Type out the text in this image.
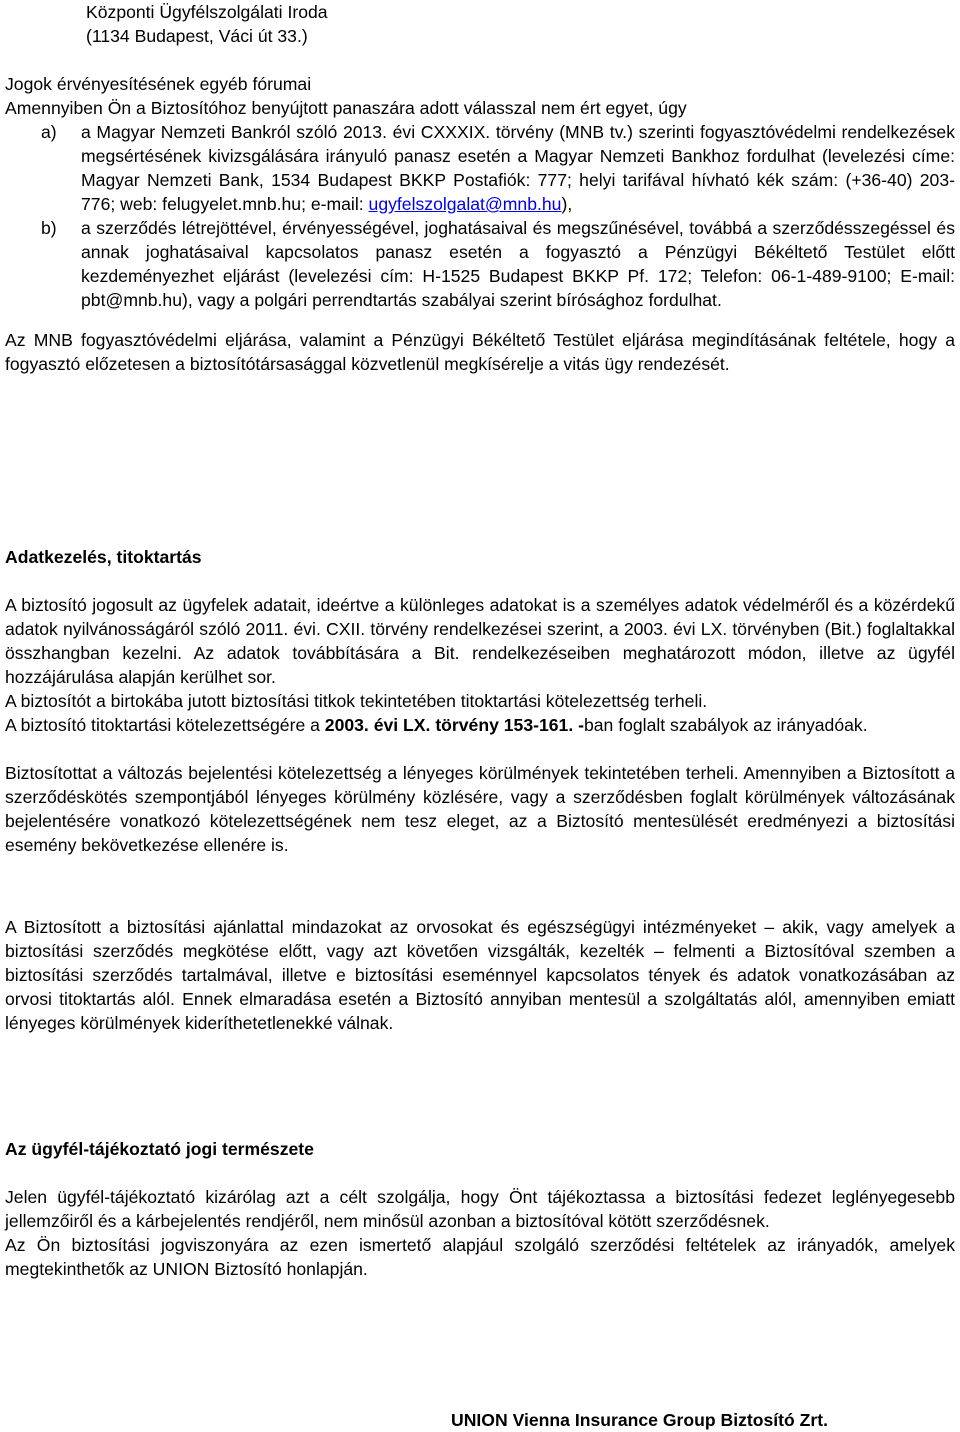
Központi Ügyfélszolgálati Iroda

(1134 Budapest, Váci út 33.)

Jogok érvényesítésének egyéb fórumai

Amennyiben Ön a Biztosítóhoz benyújtott panaszára adott válasszal nem ért egyet, úgy

a) a Magyar Nemzeti Bankról szóló 2013. évi CXXXIX. törvény (MNB tv.) szerinti fogyasztóvédelmi rendelkezések megsértésének kivizsgálására irányuló panasz esetén a Magyar Nemzeti Bankhoz fordulhat (levelezési címe: Magyar Nemzeti Bank, 1534 Budapest BKKP Postafiók: 777; helyi tarifával hívható kék szám: (+36-40) 203-776; web: felugyelet.mnb.hu; e-mail: ugyfelszolgalat@mnb.hu),
b) a szerződés létrejöttével, érvényességével, joghatásaival és megszűnésével, továbbá a szerződésszegéssel és annak joghatásaival kapcsolatos panasz esetén a fogyasztó a Pénzügyi Békéltető Testület előtt kezdeményezhet eljárást (levelezési cím: H-1525 Budapest BKKP Pf. 172; Telefon: 06-1-489-9100; E-mail: pbt@mnb.hu), vagy a polgári perrendtartás szabályai szerint bírósághoz fordulhat.

Az MNB fogyasztóvédelmi eljárása, valamint a Pénzügyi Békéltető Testület eljárása megindításának feltétele, hogy a fogyasztó előzetesen a biztosítótársasággal közvetlenül megkísérelje a vitás ügy rendezését.

Adatkezelés, titoktartás

A biztosító jogosult az ügyfelek adatait, ideértve a különleges adatokat is a személyes adatok védelméről és a közérdekű adatok nyilvánosságáról szóló 2011. évi. CXII. törvény rendelkezései szerint, a 2003. évi LX. törvényben (Bit.) foglaltakkal összhangban kezelni. Az adatok továbbítására a Bit. rendelkezéseiben meghatározott módon, illetve az ügyfél hozzájárulása alapján kerülhet sor.

A biztosítót a birtokába jutott biztosítási titkok tekintetében titoktartási kötelezettség terheli.

A biztosító titoktartási kötelezettségére a 2003. évi LX. törvény 153-161. -ban foglalt szabályok az irányadóak.

Biztosítottat a változás bejelentési kötelezettség a lényeges körülmények tekintetében terheli. Amennyiben a Biztosított a szerződéskötés szempontjából lényeges körülmény közlésére, vagy a szerződésben foglalt körülmények változásának bejelentésére vonatkozó kötelezettségének nem tesz eleget, az a Biztosító mentesülését eredményezi a biztosítási esemény bekövetkezése ellenére is.

A Biztosított a biztosítási ajánlattal mindazokat az orvosokat és egészségügyi intézményeket – akik, vagy amelyek a biztosítási szerződés megkötése előtt, vagy azt követően vizsgálták, kezelték – felmenti a Biztosítóval szemben a biztosítási szerződés tartalmával, illetve e biztosítási eseménnyel kapcsolatos tények és adatok vonatkozásában az orvosi titoktartás alól. Ennek elmaradása esetén a Biztosító annyiban mentesül a szolgáltatás alól, amennyiben emiatt lényeges körülmények kideríthetetlenekké válnak.

Az ügyfél-tájékoztató jogi természete

Jelen ügyfél-tájékoztató kizárólag azt a célt szolgálja, hogy Önt tájékoztassa a biztosítási fedezet leglényegesebb jellemzőiről és a kárbejelentés rendjéről, nem minősül azonban a biztosítóval kötött szerződésnek.

Az Ön biztosítási jogviszonyára az ezen ismertető alapjául szolgáló szerződési feltételek az irányadók, amelyek megtekinthetők az UNION Biztosító honlapján.

UNION Vienna Insurance Group Biztosító Zrt.
